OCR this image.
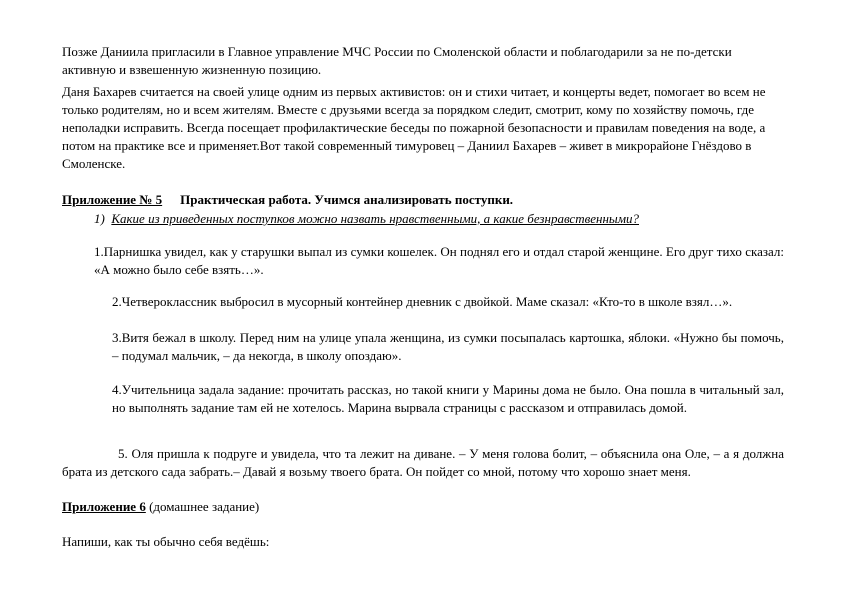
Позже Даниила пригласили в Главное управление МЧС России по Смоленской области и поблагодарили за не по-детски активную и взвешенную жизненную позицию.
Даня Бахарев считается на своей улице одним из первых активистов: он и стихи читает, и концерты ведет, помогает во всем не только родителям, но и всем жителям. Вместе с друзьями всегда за порядком следит, смотрит, кому по хозяйству помочь, где неполадки исправить. Всегда посещает профилактические беседы по пожарной безопасности и правилам поведения на воде, а потом на практике все и применяет.Вот такой современный тимуровец – Даниил Бахарев – живет в микрорайоне Гнёздово в Смоленске.
Приложение № 5 Практическая работа. Учимся анализировать поступки.
1) Какие из приведенных поступков можно назвать нравственными, а какие безнравственными?
1.Парнишка увидел, как у старушки выпал из сумки кошелек. Он поднял его и отдал старой женщине. Его друг тихо сказал: «А можно было себе взять…».
2.Четвероклассник выбросил в мусорный контейнер дневник с двойкой. Маме сказал: «Кто-то в школе взял…».
3.Витя бежал в школу. Перед ним на улице упала женщина, из сумки посыпалась картошка, яблоки. «Нужно бы помочь, – подумал мальчик, – да некогда, в школу опоздаю».
4.Учительница задала задание: прочитать рассказ, но такой книги у Марины дома не было. Она пошла в читальный зал, но выполнять задание там ей не хотелось. Марина вырвала страницы с рассказом и отправилась домой.
5. Оля пришла к подруге и увидела, что та лежит на диване. – У меня голова болит, – объяснила она Оле, – а я должна брата из детского сада забрать.– Давай я возьму твоего брата. Он пойдет со мной, потому что хорошо знает меня.
Приложение 6 (домашнее задание)
Напиши, как ты обычно себя ведёшь:
